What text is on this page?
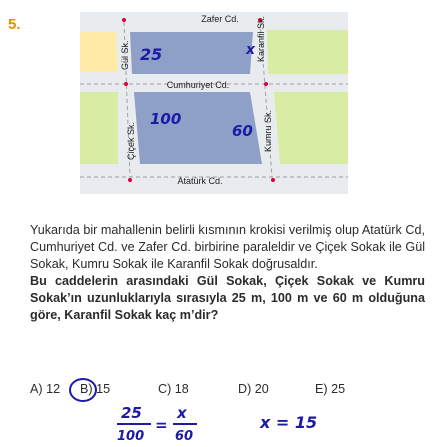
5.	Zafer Cd.
Cumhuriyet Cd.
Atatürk Cd.
Gül Sk.
Çiçek Sk.	Kumru Sk.
Karanfil Sk.
25	x
100
60

Yukarıda bir mahallenin belirli kısmının krokisi verilmiş olup Atatürk Cd, Cumhuriyet Cd. ve Zafer Cd. birbirine paraleldir ve Çiçek Sokak ile Gül Sokak, Kumru Sokak ile Karanfil Sokak doğrusaldır.

Bu caddelerin arasındaki Gül Sokak, Çiçek Sokak ve Kumru Sokak’ın uzunluklarıyla sırasıyla 25 m, 100 m ve 60 m olduğuna göre, Karanfil Sokak kaç m’dir?

A) 12 B) 15	C) 18	D) 20	E) 25
25
100
=
x
60
x = 15
